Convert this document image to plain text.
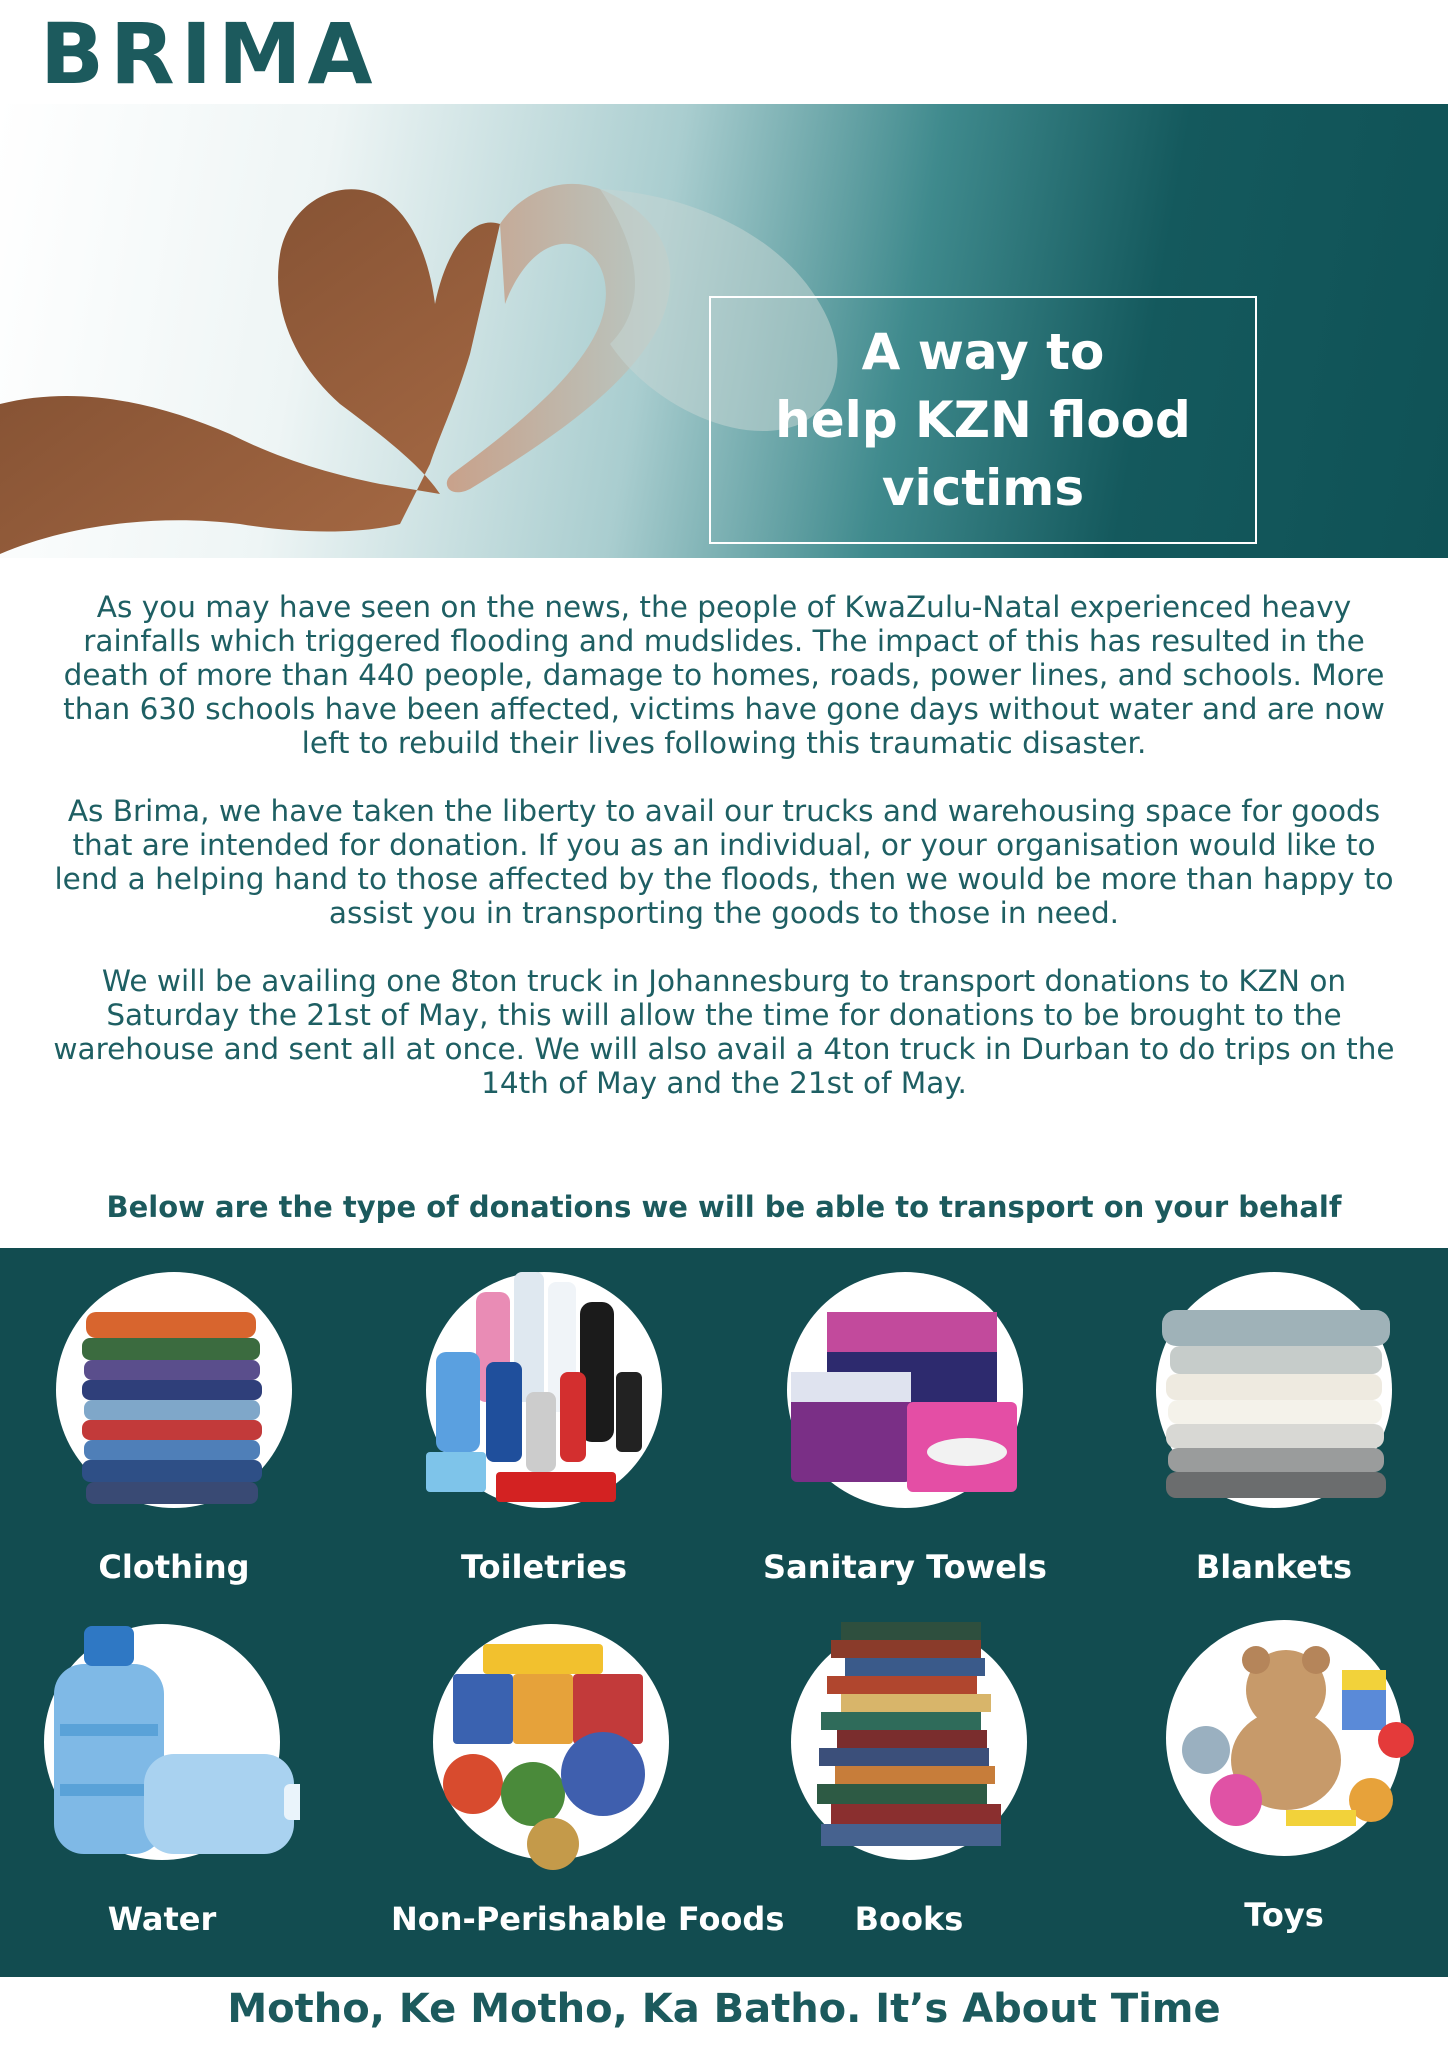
BRIMA
A way to
help KZN flood
victims

As you may have seen on the news, the people of KwaZulu-Natal experienced heavy rainfalls which triggered flooding and mudslides. The impact of this has resulted in the death of more than 440 people, damage to homes, roads, power lines, and schools. More than 630 schools have been affected, victims have gone days without water and are now left to rebuild their lives following this traumatic disaster.

As Brima, we have taken the liberty to avail our trucks and warehousing space for goods that are intended for donation. If you as an individual, or your organisation would like to lend a helping hand to those affected by the floods, then we would be more than happy to assist you in transporting the goods to those in need.

We will be availing one 8ton truck in Johannesburg to transport donations to KZN on Saturday the 21st of May, this will allow the time for donations to be brought to the warehouse and sent all at once. We will also avail a 4ton truck in Durban to do trips on the 14th of May and the 21st of May.

Below are the type of donations we will be able to transport on your behalf
Clothing	Toiletries	Sanitary Towels	Blankets
Water	Non-Perishable Foods	Books	Toys
Motho, Ke Motho, Ka Batho. It’s About Time
